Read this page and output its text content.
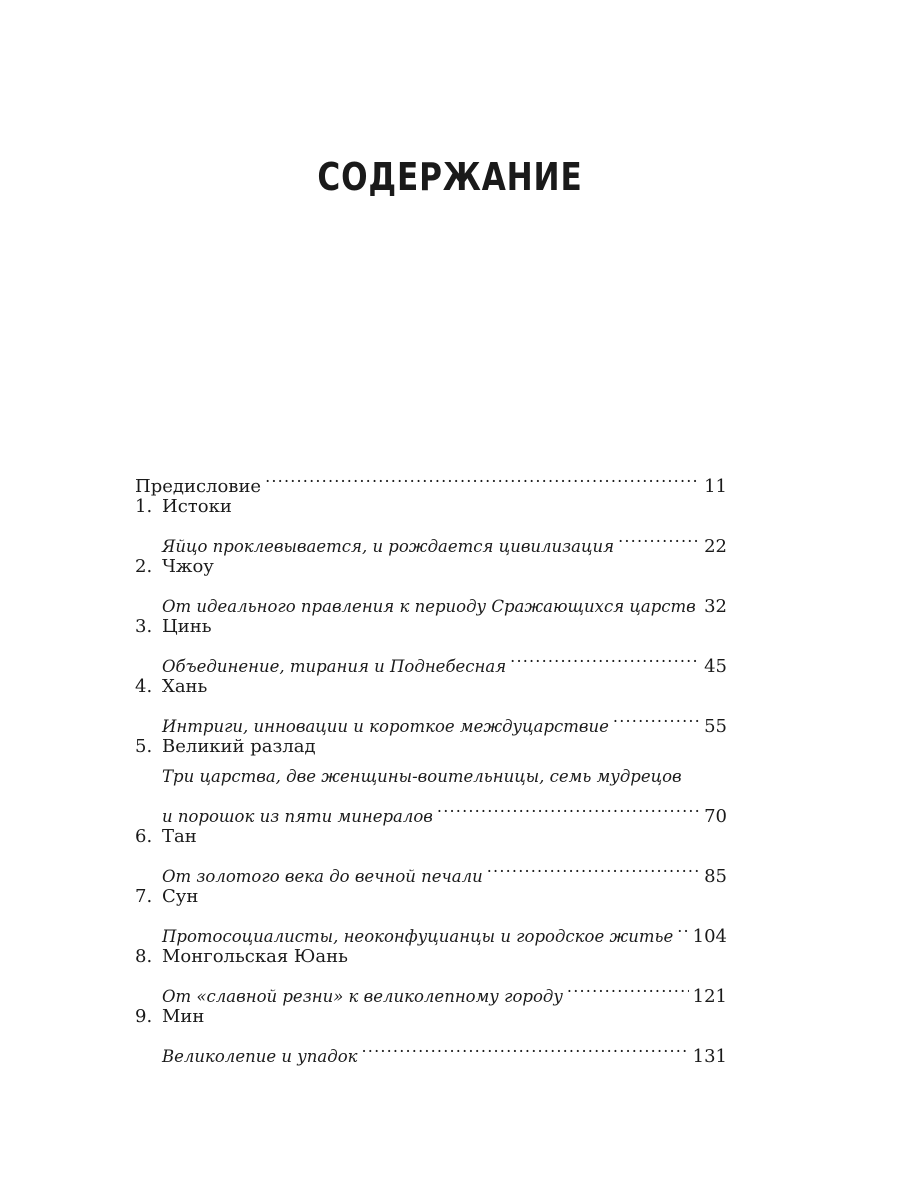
СОДЕРЖАНИЕ
Предисловие .....	11
1. Истоки
Яйцо проклевывается, и рождается цивилизация .....	22
2. Чжоу
От идеального правления к периоду Сражающихся царств ..... 32
3. Цинь
Объединение, тирания и Поднебесная .....	45
4. Хань
Интриги, инновации и короткое междуцарствие .....	55
5. Великий разлад
Три царства, две женщины-воительницы, семь мудрецов
и порошок из пяти минералов .....	70
6. Тан
От золотого века до вечной печали .....	85
7. Сун
Протосоциалисты, неоконфуцианцы и городское житье ..... 104
8. Монгольская Юань
От «славной резни» к великолепному городу .....	121
9. Мин
Великолепие и упадок .....	131
